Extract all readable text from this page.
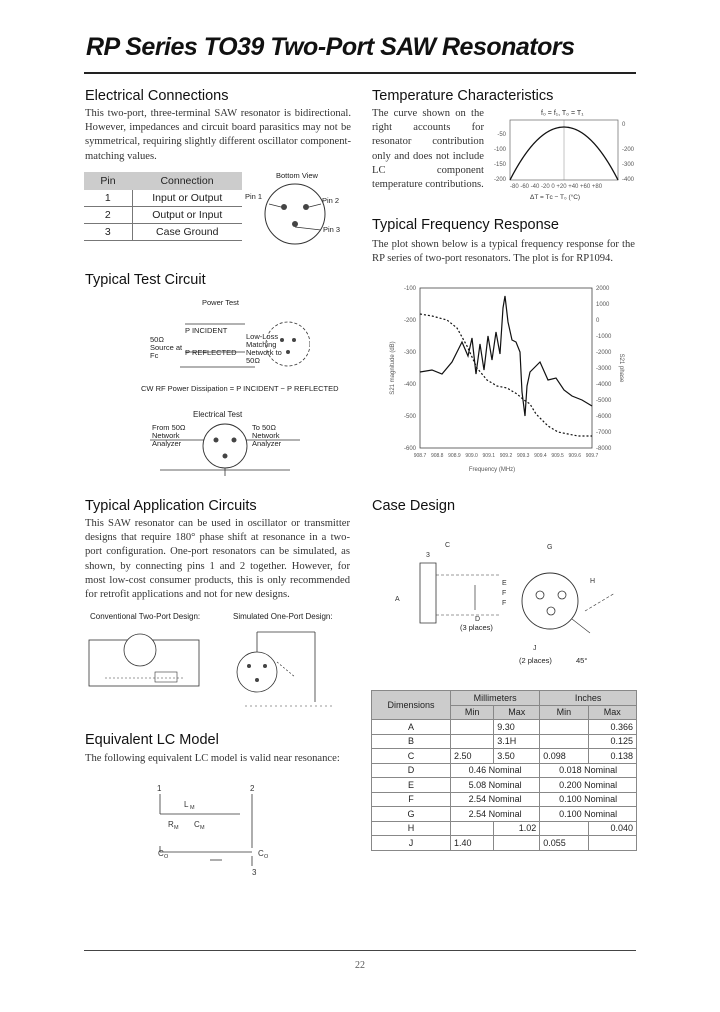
RP Series TO39 Two-Port SAW Resonators
Electrical Connections
This two-port, three-terminal SAW resonator is bidirectional. However, impedances and circuit board parasitics may not be symmetrical, requiring slightly different oscillator component-matching values.
Pin	Connection
1	Input or Output
2	Output or Input
3	Case Ground
Bottom View
Pin 1	Pin 2
Pin 3
Temperature Characteristics
The curve shown on the right accounts for resonator contribution only and does not include LC component temperature contributions.
f₀ = f₁, T₀ = T₁
-200
-150
-100
-50
0
-200
-300
-400
-80 -60 -40 -20 0 +20 +40 +60 +80
ΔT = Tᴄ − T₀ (°C)
Typical Frequency Response
The plot shown below is a typical frequency response for the RP series of two-port resonators. The plot is for RP1094.
-100
-200
-300
-400
-500
-600
2000
1000
0
-1000
-2000
-3000
-4000
-5000
-6000
-7000
-8000
908.7 908.8 908.9 909.0 909.1 909.2 909.3 909.4 909.5 909.6 909.7
S21 magnitude (dB)	S21 phase
Frequency (MHz)
Typical Test Circuit
Power Test
50Ω Source at Fᴄ
P INCIDENT
P REFLECTED
Low-Loss Matching Network to 50Ω
CW RF Power Dissipation = P INCIDENT − P REFLECTED
Electrical Test
From 50Ω Network Analyzer
To 50Ω Network Analyzer
Typical Application Circuits
This SAW resonator can be used in oscillator or transmitter designs that require 180° phase shift at resonance in a two-port configuration. One-port resonators can be simulated, as shown, by connecting pins 1 and 2 together. However, for most low-cost consumer products, this is only recommended for retrofit applications and not for new designs.
Conventional Two-Port Design:	Simulated One-Port Design:
Equivalent LC Model
The following equivalent LC model is valid near resonance:
1	2
3
L M
R M C M
C O	C O
Case Design
C
3
A
E
F
F
D
G
H
J
(3 places)
(2 places)	45°
Dimensions	Millimeters		Inches	
	Min	Max	Min	Max
A		9.30		0.366
B		3.1H		0.125
C	2.50	3.50	0.098	0.138
D	0.46 Nominal		0.018 Nominal	
E	5.08 Nominal		0.200 Nominal	
F	2.54 Nominal		0.100 Nominal	
G	2.54 Nominal		0.100 Nominal	
H		1.02		0.040
J	1.40		0.055	
22
